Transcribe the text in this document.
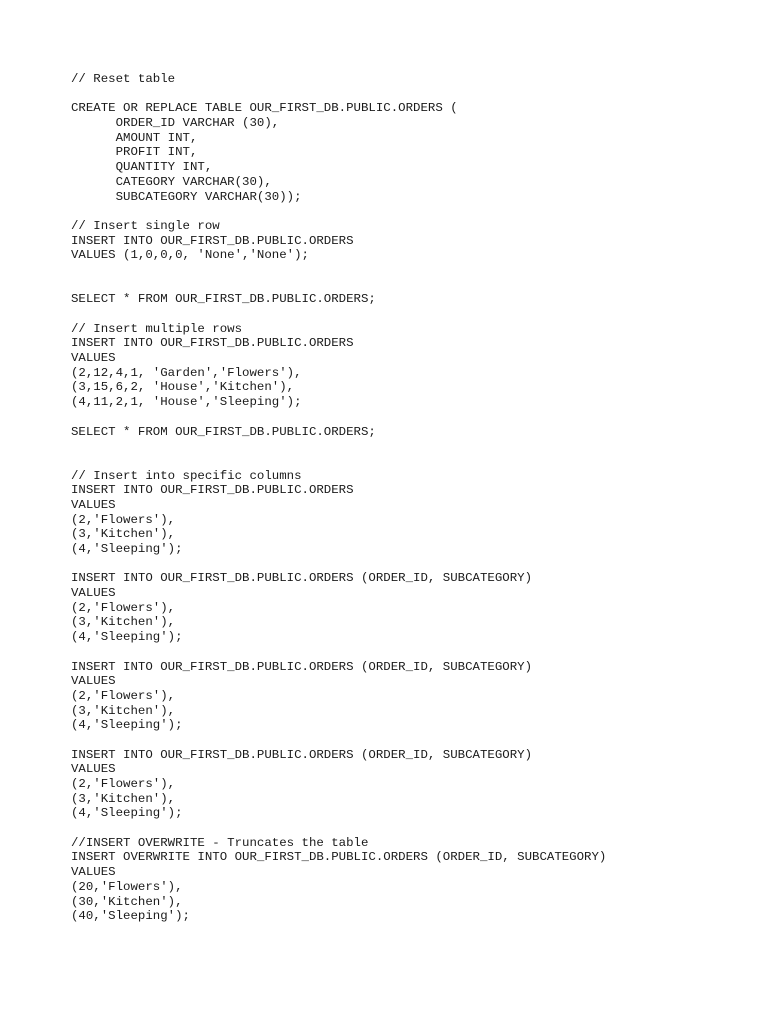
// Reset table
CREATE OR REPLACE TABLE OUR_FIRST_DB.PUBLIC.ORDERS (
ORDER_ID VARCHAR (30),
AMOUNT INT,
PROFIT INT,
QUANTITY INT,
CATEGORY VARCHAR(30),
SUBCATEGORY VARCHAR(30));
// Insert single row
INSERT INTO OUR_FIRST_DB.PUBLIC.ORDERS
VALUES (1,0,0,0, 'None','None');
SELECT * FROM OUR_FIRST_DB.PUBLIC.ORDERS;
// Insert multiple rows
INSERT INTO OUR_FIRST_DB.PUBLIC.ORDERS
VALUES
(2,12,4,1, 'Garden','Flowers'),
(3,15,6,2, 'House','Kitchen'),
(4,11,2,1, 'House','Sleeping');
SELECT * FROM OUR_FIRST_DB.PUBLIC.ORDERS;
// Insert into specific columns
INSERT INTO OUR_FIRST_DB.PUBLIC.ORDERS
VALUES
(2,'Flowers'),
(3,'Kitchen'),
(4,'Sleeping');
INSERT INTO OUR_FIRST_DB.PUBLIC.ORDERS (ORDER_ID, SUBCATEGORY)
VALUES
(2,'Flowers'),
(3,'Kitchen'),
(4,'Sleeping');
INSERT INTO OUR_FIRST_DB.PUBLIC.ORDERS (ORDER_ID, SUBCATEGORY)
VALUES
(2,'Flowers'),
(3,'Kitchen'),
(4,'Sleeping');
INSERT INTO OUR_FIRST_DB.PUBLIC.ORDERS (ORDER_ID, SUBCATEGORY)
VALUES
(2,'Flowers'),
(3,'Kitchen'),
(4,'Sleeping');
//INSERT OVERWRITE - Truncates the table
INSERT OVERWRITE INTO OUR_FIRST_DB.PUBLIC.ORDERS (ORDER_ID, SUBCATEGORY)
VALUES
(20,'Flowers'),
(30,'Kitchen'),
(40,'Sleeping');
